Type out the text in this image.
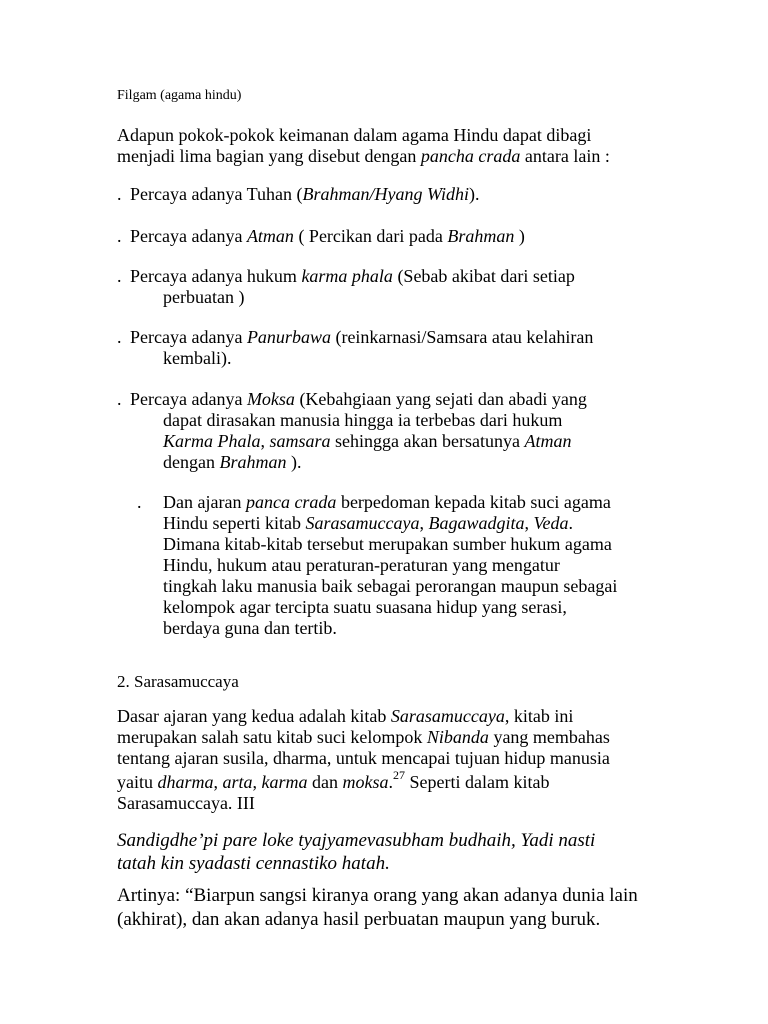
Filgam (agama hindu)
Adapun pokok-pokok keimanan dalam agama Hindu dapat dibagi
menjadi lima bagian yang disebut dengan pancha crada antara lain :
. Percaya adanya Tuhan (Brahman/Hyang Widhi).
. Percaya adanya Atman ( Percikan dari pada Brahman )
. Percaya adanya hukum karma phala (Sebab akibat dari setiap
perbuatan )
. Percaya adanya Panurbawa (reinkarnasi/Samsara atau kelahiran
kembali).
. Percaya adanya Moksa (Kebahgiaan yang sejati dan abadi yang
dapat dirasakan manusia hingga ia terbebas dari hukum
Karma Phala, samsara sehingga akan bersatunya Atman
dengan Brahman ).
. Dan ajaran panca crada berpedoman kepada kitab suci agama
Hindu seperti kitab Sarasamuccaya, Bagawadgita, Veda.
Dimana kitab-kitab tersebut merupakan sumber hukum agama
Hindu, hukum atau peraturan-peraturan yang mengatur
tingkah laku manusia baik sebagai perorangan maupun sebagai
kelompok agar tercipta suatu suasana hidup yang serasi,
berdaya guna dan tertib.
2. Sarasamuccaya
Dasar ajaran yang kedua adalah kitab Sarasamuccaya, kitab ini
merupakan salah satu kitab suci kelompok Nibanda yang membahas
tentang ajaran susila, dharma, untuk mencapai tujuan hidup manusia
yaitu dharma, arta, karma dan moksa.$^{27}$ Seperti dalam kitab
Sarasamuccaya. III
Sandigdhe’pi pare loke tyajyamevasubham budhaih, Yadi nasti
tatah kin syadasti cennastiko hatah.
Artinya: “Biarpun sangsi kiranya orang yang akan adanya dunia lain
(akhirat), dan akan adanya hasil perbuatan maupun yang buruk.
